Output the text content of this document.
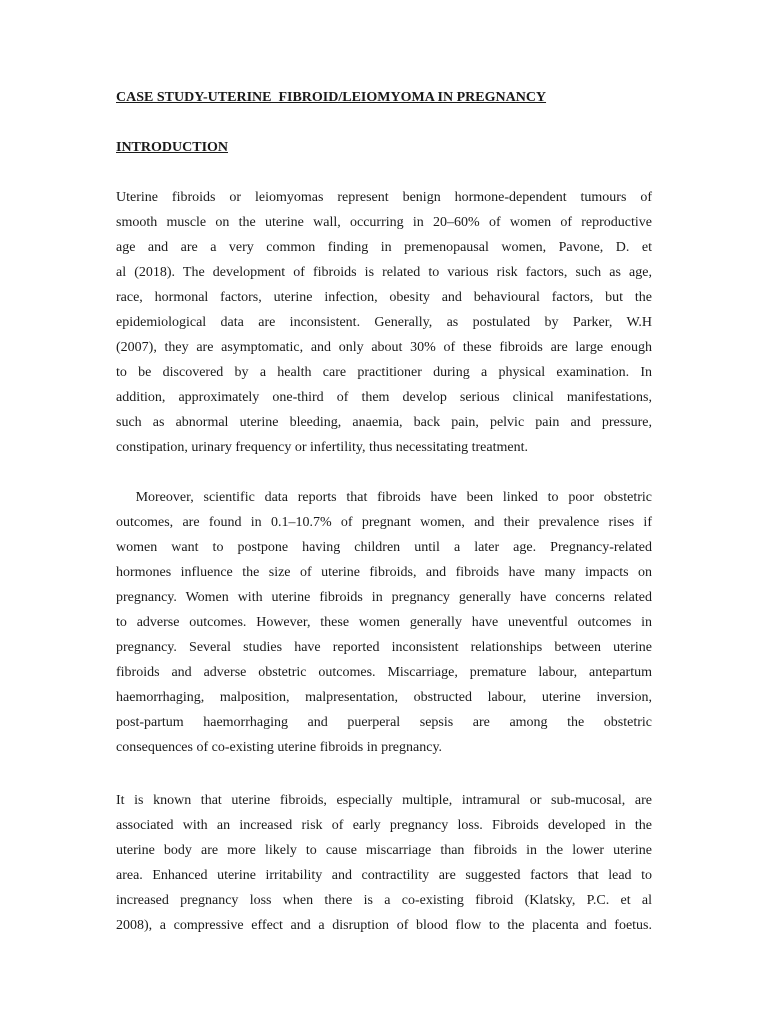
CASE STUDY-UTERINE  FIBROID/LEIOMYOMA IN PREGNANCY
INTRODUCTION
Uterine fibroids or leiomyomas represent benign hormone-dependent tumours of
smooth muscle on the uterine wall, occurring in 20–60% of women of reproductive
age and are a very common finding in premenopausal women, Pavone, D. et
al (2018). The development of fibroids is related to various risk factors, such as age,
race, hormonal factors, uterine infection, obesity and behavioural factors, but the
epidemiological data are inconsistent. Generally, as postulated by Parker, W.H
(2007), they are asymptomatic, and only about 30% of these fibroids are large enough
to be discovered by a health care practitioner during a physical examination. In
addition, approximately one-third of them develop serious clinical manifestations,
such as abnormal uterine bleeding, anaemia, back pain, pelvic pain and pressure,
constipation, urinary frequency or infertility, thus necessitating treatment.
Moreover, scientific data reports that fibroids have been linked to poor obstetric
outcomes, are found in 0.1–10.7% of pregnant women, and their prevalence rises if
women want to postpone having children until a later age. Pregnancy-related
hormones influence the size of uterine fibroids, and fibroids have many impacts on
pregnancy. Women with uterine fibroids in pregnancy generally have concerns related
to adverse outcomes. However, these women generally have uneventful outcomes in
pregnancy. Several studies have reported inconsistent relationships between uterine
fibroids and adverse obstetric outcomes. Miscarriage, premature labour, antepartum
haemorrhaging, malposition, malpresentation, obstructed labour, uterine inversion,
post-partum haemorrhaging and puerperal sepsis are among the obstetric
consequences of co-existing uterine fibroids in pregnancy.
It is known that uterine fibroids, especially multiple, intramural or sub-mucosal, are
associated with an increased risk of early pregnancy loss. Fibroids developed in the
uterine body are more likely to cause miscarriage than fibroids in the lower uterine
area. Enhanced uterine irritability and contractility are suggested factors that lead to
increased pregnancy loss when there is a co-existing fibroid (Klatsky, P.C. et al
2008), a compressive effect and a disruption of blood flow to the placenta and foetus.
